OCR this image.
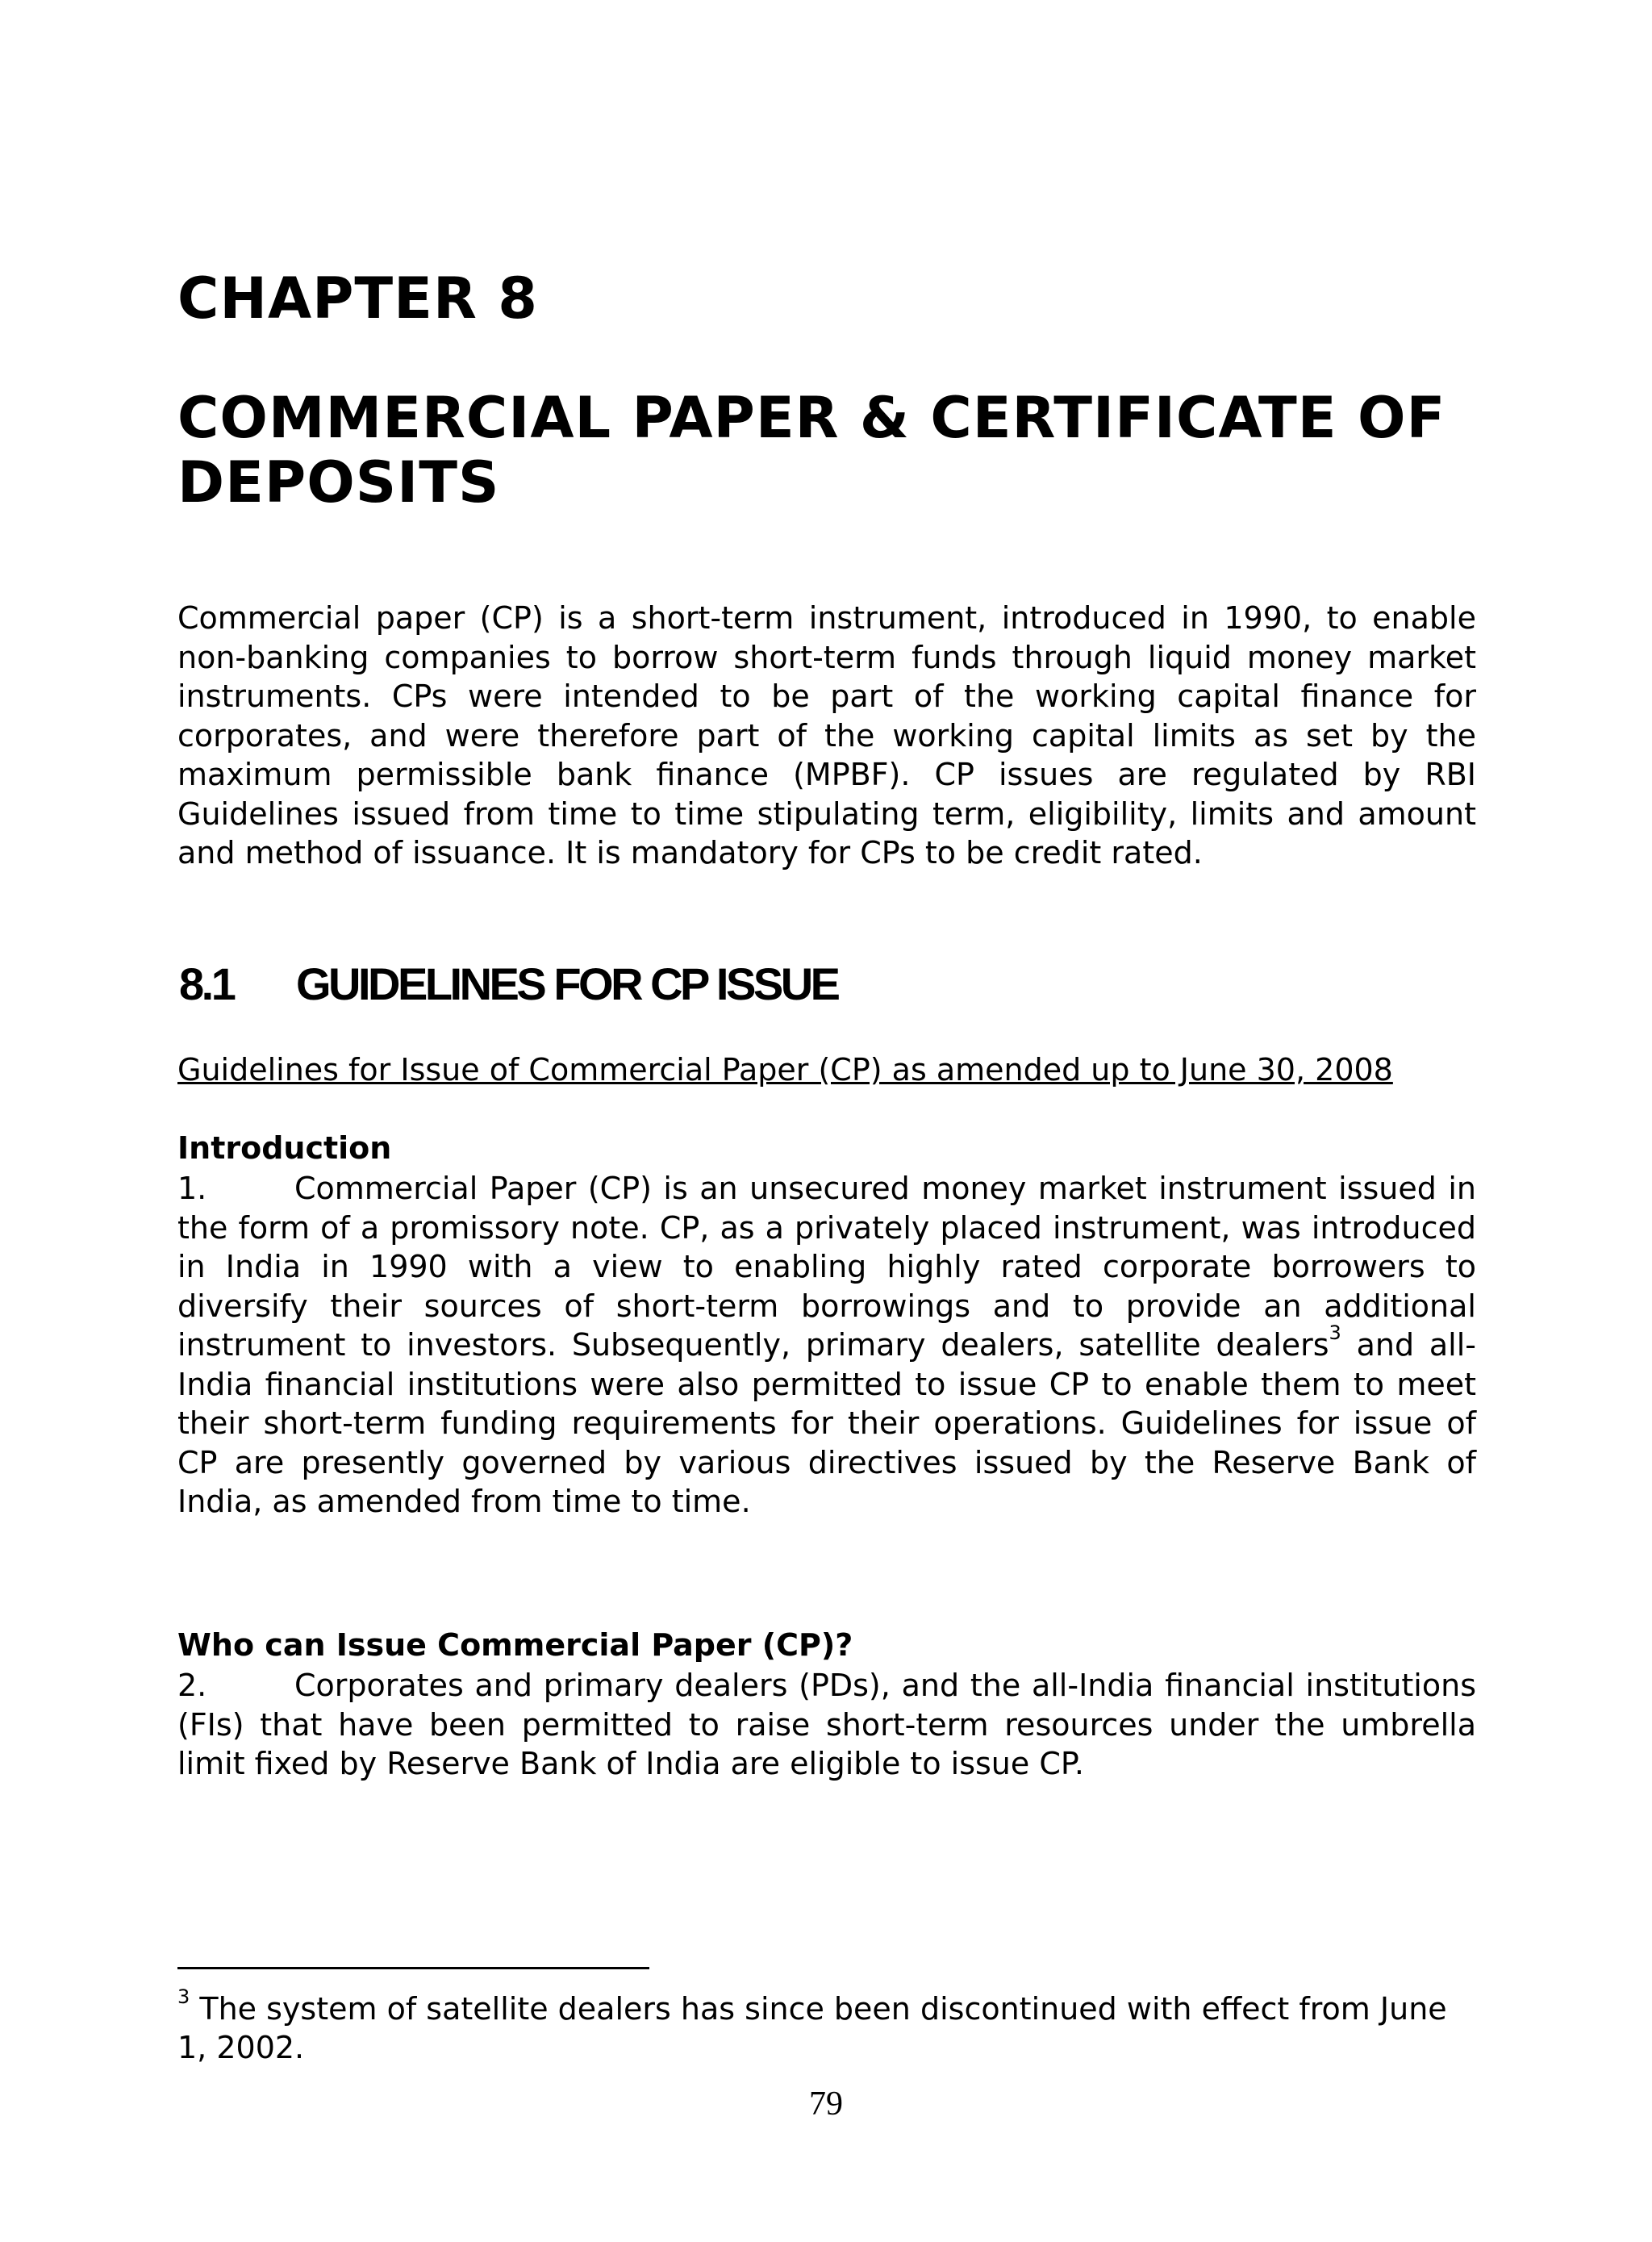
CHAPTER 8
COMMERCIAL PAPER & CERTIFICATE OF DEPOSITS

Commercial paper (CP) is a short-term instrument, introduced in 1990, to enable non-banking companies to borrow short-term funds through liquid money market instruments. CPs were intended to be part of the working capital finance for corporates, and were therefore part of the working capital limits as set by the maximum permissible bank finance (MPBF). CP issues are regulated by RBI Guidelines issued from time to time stipulating term, eligibility, limits and amount and method of issuance. It is mandatory for CPs to be credit rated.

8.1 GUIDELINES FOR CP ISSUE

Guidelines for Issue of Commercial Paper (CP) as amended up to June 30, 2008

Introduction

1.	Commercial Paper (CP) is an unsecured money market instrument issued in the form of a promissory note. CP, as a privately placed instrument, was introduced in India in 1990 with a view to enabling highly rated corporate borrowers to diversify their sources of short-term borrowings and to provide an additional instrument to investors. Subsequently, primary dealers, satellite dealers$^3$ and all-India financial institutions were also permitted to issue CP to enable them to meet their short-term funding requirements for their operations. Guidelines for issue of CP are presently governed by various directives issued by the Reserve Bank of India, as amended from time to time.

Who can Issue Commercial Paper (CP)?

2.	Corporates and primary dealers (PDs), and the all-India financial institutions (FIs) that have been permitted to raise short-term resources under the umbrella limit fixed by Reserve Bank of India are eligible to issue CP.

$^3$ The system of satellite dealers has since been discontinued with effect from June 1, 2002.

79
